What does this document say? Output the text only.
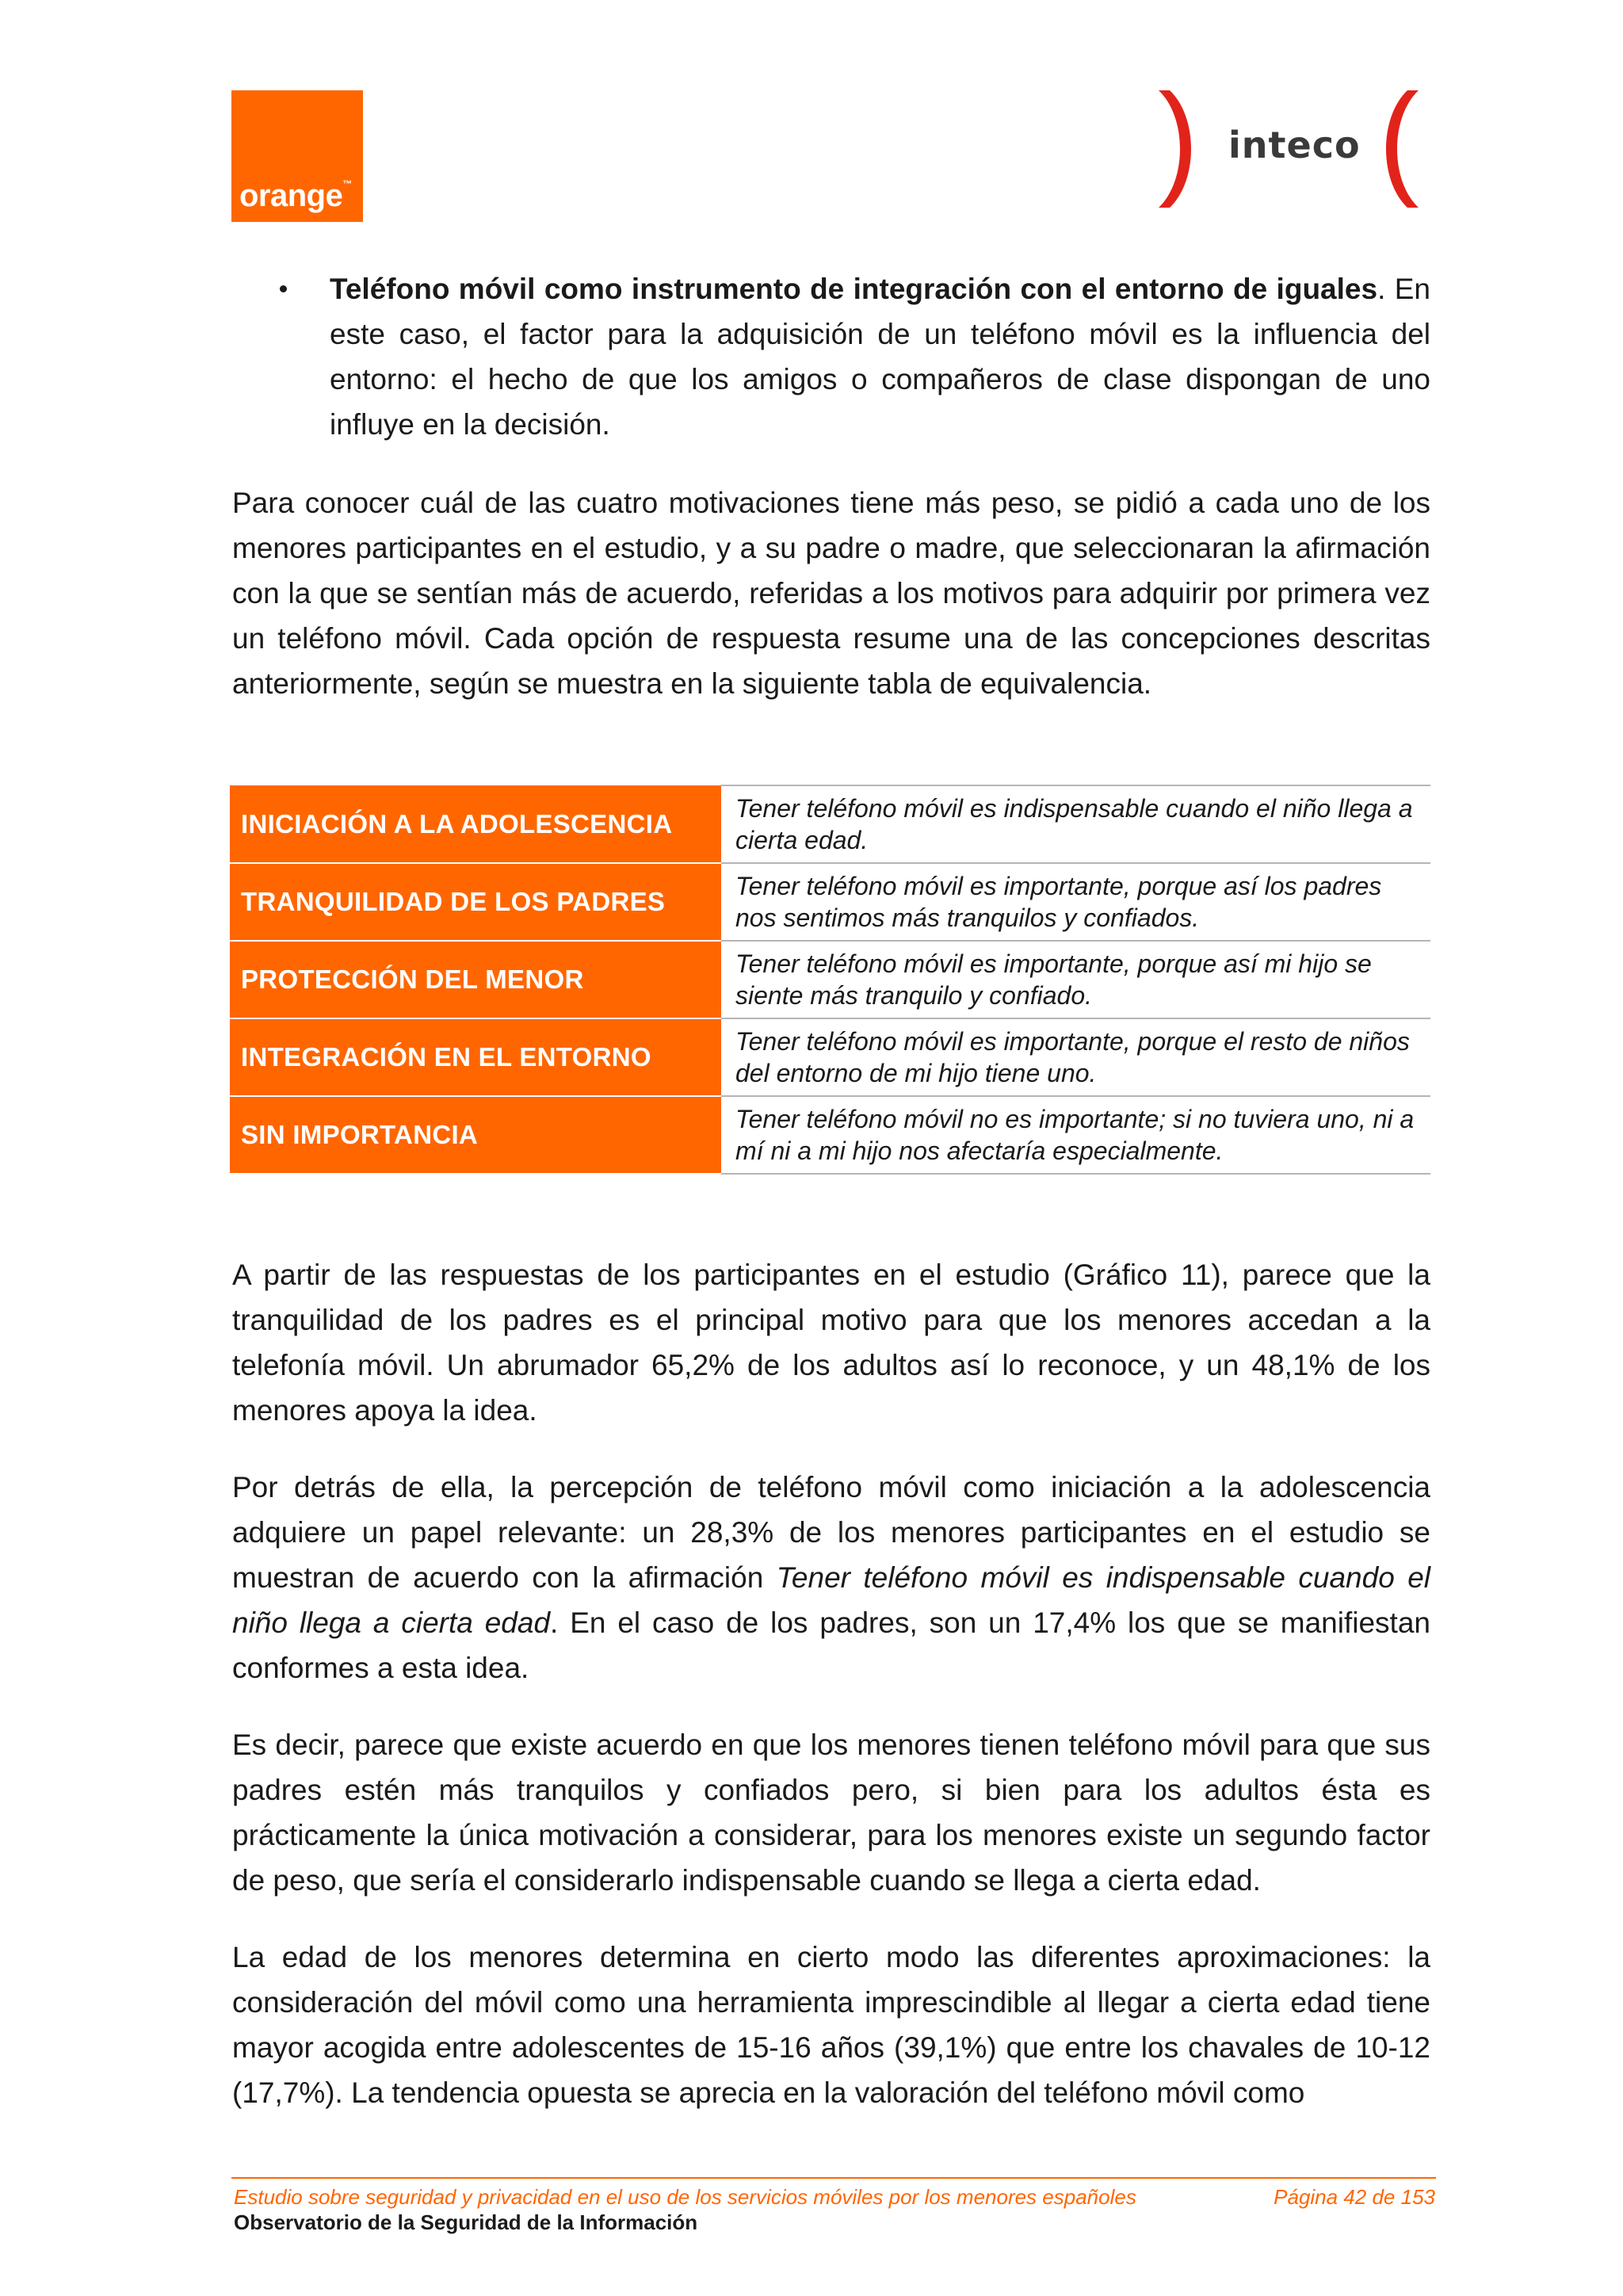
orange™
inteco

Teléfono móvil como instrumento de integración con el entorno de iguales. En este caso, el factor para la adquisición de un teléfono móvil es la influencia del entorno: el hecho de que los amigos o compañeros de clase dispongan de uno influye en la decisión.

Para conocer cuál de las cuatro motivaciones tiene más peso, se pidió a cada uno de los menores participantes en el estudio, y a su padre o madre, que seleccionaran la afirmación con la que se sentían más de acuerdo, referidas a los motivos para adquirir por primera vez un teléfono móvil. Cada opción de respuesta resume una de las concepciones descritas anteriormente, según se muestra en la siguiente tabla de equivalencia.

INICIACIÓN A LA ADOLESCENCIA	Tener teléfono móvil es indispensable cuando el niño llega a cierta edad.
TRANQUILIDAD DE LOS PADRES	Tener teléfono móvil es importante, porque así los padres nos sentimos más tranquilos y confiados.
PROTECCIÓN DEL MENOR	Tener teléfono móvil es importante, porque así mi hijo se siente más tranquilo y confiado.
INTEGRACIÓN EN EL ENTORNO	Tener teléfono móvil es importante, porque el resto de niños del entorno de mi hijo tiene uno.
SIN IMPORTANCIA	Tener teléfono móvil no es importante; si no tuviera uno, ni a mí ni a mi hijo nos afectaría especialmente.

A partir de las respuestas de los participantes en el estudio (Gráfico 11), parece que la tranquilidad de los padres es el principal motivo para que los menores accedan a la telefonía móvil. Un abrumador 65,2% de los adultos así lo reconoce, y un 48,1% de los menores apoya la idea.

Por detrás de ella, la percepción de teléfono móvil como iniciación a la adolescencia adquiere un papel relevante: un 28,3% de los menores participantes en el estudio se muestran de acuerdo con la afirmación Tener teléfono móvil es indispensable cuando el niño llega a cierta edad. En el caso de los padres, son un 17,4% los que se manifiestan conformes a esta idea.

Es decir, parece que existe acuerdo en que los menores tienen teléfono móvil para que sus padres estén más tranquilos y confiados pero, si bien para los adultos ésta es prácticamente la única motivación a considerar, para los menores existe un segundo factor de peso, que sería el considerarlo indispensable cuando se llega a cierta edad.

La edad de los menores determina en cierto modo las diferentes aproximaciones: la consideración del móvil como una herramienta imprescindible al llegar a cierta edad tiene mayor acogida entre adolescentes de 15-16 años (39,1%) que entre los chavales de 10-12 (17,7%). La tendencia opuesta se aprecia en la valoración del teléfono móvil como

Estudio sobre seguridad y privacidad en el uso de los servicios móviles por los menores españoles	Página 42 de 153
Observatorio de la Seguridad de la Información
